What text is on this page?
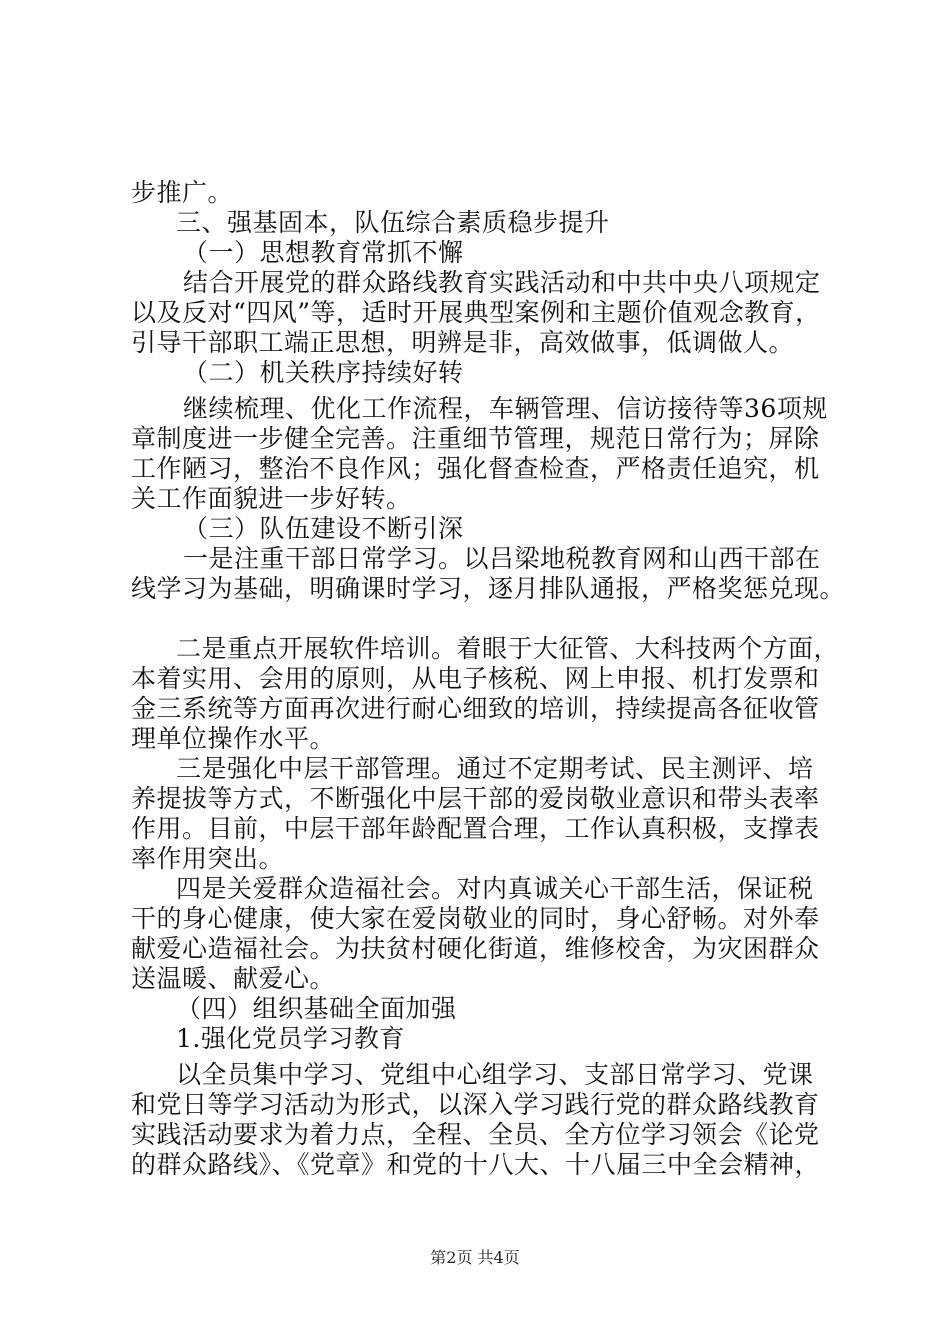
步推广。
三、强基固本，队伍综合素质稳步提升
（一）思想教育常抓不懈
结合开展党的群众路线教育实践活动和中共中央八项规定
以及反对“四风”等，适时开展典型案例和主题价值观念教育，
引导干部职工端正思想，明辨是非，高效做事，低调做人。
（二）机关秩序持续好转
继续梳理、优化工作流程，车辆管理、信访接待等36项规
章制度进一步健全完善。注重细节管理，规范日常行为；屏除
工作陋习，整治不良作风；强化督查检查，严格责任追究，机
关工作面貌进一步好转。
（三）队伍建设不断引深
一是注重干部日常学习。以吕梁地税教育网和山西干部在
线学习为基础，明确课时学习，逐月排队通报，严格奖惩兑现。
二是重点开展软件培训。着眼于大征管、大科技两个方面，
本着实用、会用的原则，从电子核税、网上申报、机打发票和
金三系统等方面再次进行耐心细致的培训，持续提高各征收管
理单位操作水平。
三是强化中层干部管理。通过不定期考试、民主测评、培
养提拔等方式，不断强化中层干部的爱岗敬业意识和带头表率
作用。目前，中层干部年龄配置合理，工作认真积极，支撑表
率作用突出。
四是关爱群众造福社会。对内真诚关心干部生活，保证税
干的身心健康，使大家在爱岗敬业的同时，身心舒畅。对外奉
献爱心造福社会。为扶贫村硬化街道，维修校舍，为灾困群众
送温暖、献爱心。
（四）组织基础全面加强
1.强化党员学习教育
以全员集中学习、党组中心组学习、支部日常学习、党课
和党日等学习活动为形式，以深入学习践行党的群众路线教育
实践活动要求为着力点，全程、全员、全方位学习领会《论党
的群众路线》、《党章》和党的十八大、十八届三中全会精神，
第2页 共4页
